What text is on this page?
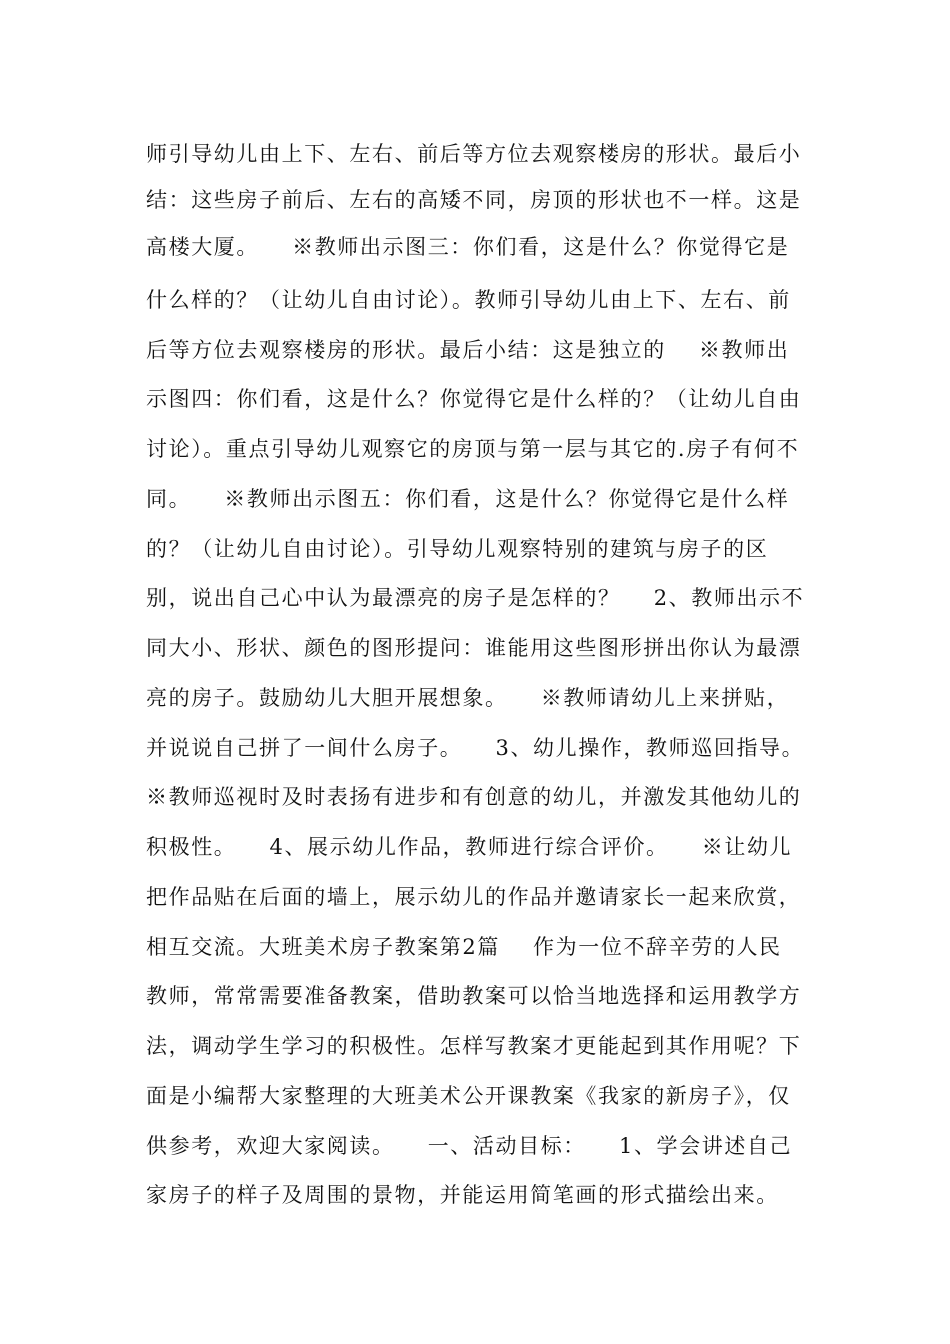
师引导幼儿由上下、左右、前后等方位去观察楼房的形状。最后小
结：这些房子前后、左右的高矮不同，房顶的形状也不一样。这是
高楼大厦。    ※教师出示图三：你们看，这是什么？你觉得它是
什么样的？（让幼儿自由讨论）。教师引导幼儿由上下、左右、前
后等方位去观察楼房的形状。最后小结：这是独立的    ※教师出
示图四：你们看，这是什么？你觉得它是什么样的？（让幼儿自由
讨论）。重点引导幼儿观察它的房顶与第一层与其它的.房子有何不
同。    ※教师出示图五：你们看，这是什么？你觉得它是什么样
的？（让幼儿自由讨论）。引导幼儿观察特别的建筑与房子的区
别，说出自己心中认为最漂亮的房子是怎样的？    2、教师出示不
同大小、形状、颜色的图形提问：谁能用这些图形拼出你认为最漂
亮的房子。鼓励幼儿大胆开展想象。    ※教师请幼儿上来拼贴，
并说说自己拼了一间什么房子。    3、幼儿操作，教师巡回指导。
※教师巡视时及时表扬有进步和有创意的幼儿，并激发其他幼儿的
积极性。    4、展示幼儿作品，教师进行综合评价。    ※让幼儿
把作品贴在后面的墙上，展示幼儿的作品并邀请家长一起来欣赏，
相互交流。大班美术房子教案第2篇    作为一位不辞辛劳的人民
教师，常常需要准备教案，借助教案可以恰当地选择和运用教学方
法，调动学生学习的积极性。怎样写教案才更能起到其作用呢？下
面是小编帮大家整理的大班美术公开课教案《我家的新房子》，仅
供参考，欢迎大家阅读。    一、活动目标：    1、学会讲述自己
家房子的样子及周围的景物，并能运用简笔画的形式描绘出来。
